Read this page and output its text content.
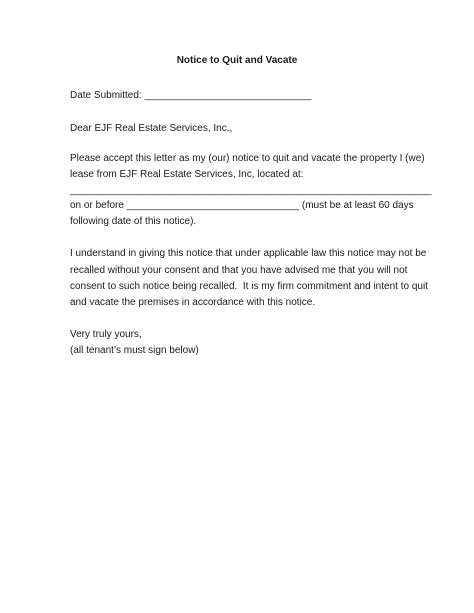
Notice to Quit and Vacate
Date Submitted: ______________________________
Dear EJF Real Estate Services, Inc.,
Please accept this letter as my (our) notice to quit and vacate the property I (we)
lease from EJF Real Estate Services, Inc, located at:
_________________________________________________________________
on or before _______________________________ (must be at least 60 days
following date of this notice).
I understand in giving this notice that under applicable law this notice may not be
recalled without your consent and that you have advised me that you will not
consent to such notice being recalled.  It is my firm commitment and intent to quit
and vacate the premises in accordance with this notice.
Very truly yours,
(all tenant’s must sign below)
